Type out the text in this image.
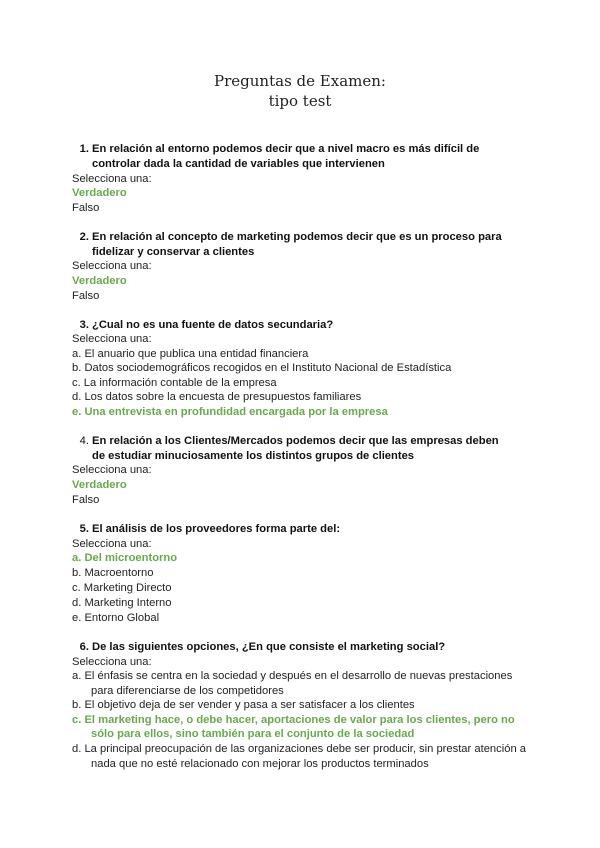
Preguntas de Examen:
tipo test
1. En relación al entorno podemos decir que a nivel macro es más difícil de
controlar dada la cantidad de variables que intervienen
Selecciona una:
Verdadero
Falso
2. En relación al concepto de marketing podemos decir que es un proceso para
fidelizar y conservar a clientes
Selecciona una:
Verdadero
Falso
3. ¿Cual no es una fuente de datos secundaria?
Selecciona una:
a. El anuario que publica una entidad financiera
b. Datos sociodemográficos recogidos en el Instituto Nacional de Estadística
c. La información contable de la empresa
d. Los datos sobre la encuesta de presupuestos familiares
e. Una entrevista en profundidad encargada por la empresa
4. En relación a los Clientes/Mercados podemos decir que las empresas deben
de estudiar minuciosamente los distintos grupos de clientes
Selecciona una:
Verdadero
Falso
5. El análisis de los proveedores forma parte del:
Selecciona una:
a. Del microentorno
b. Macroentorno
c. Marketing Directo
d. Marketing Interno
e. Entorno Global
6. De las siguientes opciones, ¿En que consiste el marketing social?
Selecciona una:
a. El énfasis se centra en la sociedad y después en el desarrollo de nuevas prestaciones
para diferenciarse de los competidores
b. El objetivo deja de ser vender y pasa a ser satisfacer a los clientes
c. El marketing hace, o debe hacer, aportaciones de valor para los clientes, pero no
sólo para ellos, sino también para el conjunto de la sociedad
d. La principal preocupación de las organizaciones debe ser producir, sin prestar atención a
nada que no esté relacionado con mejorar los productos terminados
